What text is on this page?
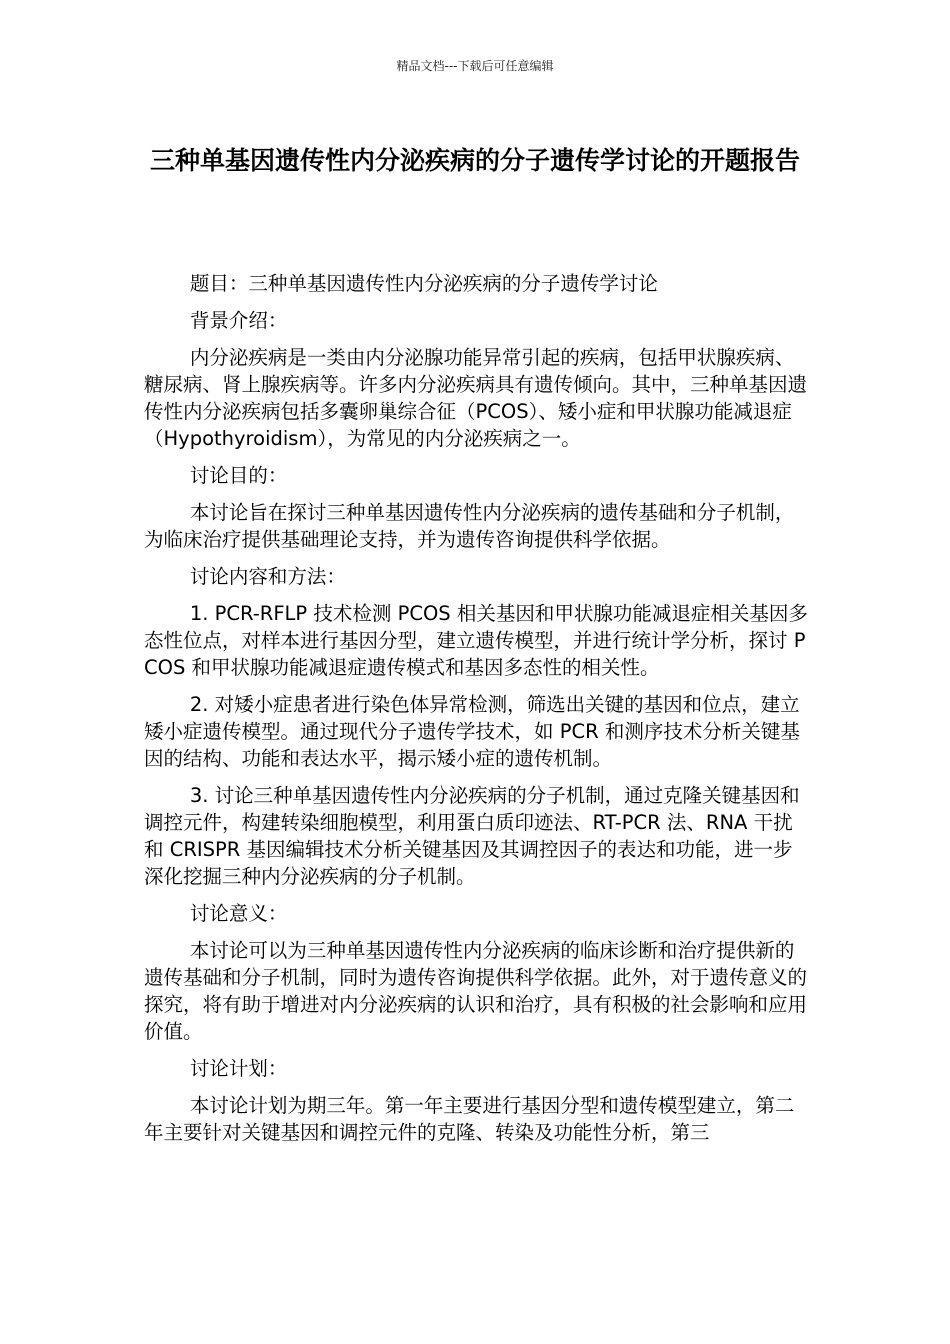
精品文档---下载后可任意编辑
三种单基因遗传性内分泌疾病的分子遗传学讨论的开题报告

题目：三种单基因遗传性内分泌疾病的分子遗传学讨论

背景介绍：

内分泌疾病是一类由内分泌腺功能异常引起的疾病，包括甲状腺疾病、糖尿病、肾上腺疾病等。许多内分泌疾病具有遗传倾向。其中，三种单基因遗传性内分泌疾病包括多囊卵巢综合征（PCOS）、矮小症和甲状腺功能减退症（Hypothyroidism），为常见的内分泌疾病之一。

讨论目的：

本讨论旨在探讨三种单基因遗传性内分泌疾病的遗传基础和分子机制，为临床治疗提供基础理论支持，并为遗传咨询提供科学依据。

讨论内容和方法：

1. PCR-RFLP 技术检测 PCOS 相关基因和甲状腺功能减退症相关基因多态性位点，对样本进行基因分型，建立遗传模型，并进行统计学分析，探讨 PCOS 和甲状腺功能减退症遗传模式和基因多态性的相关性。

2. 对矮小症患者进行染色体异常检测，筛选出关键的基因和位点，建立矮小症遗传模型。通过现代分子遗传学技术，如 PCR 和测序技术分析关键基因的结构、功能和表达水平，揭示矮小症的遗传机制。

3. 讨论三种单基因遗传性内分泌疾病的分子机制，通过克隆关键基因和调控元件，构建转染细胞模型，利用蛋白质印迹法、RT-PCR 法、RNA 干扰和 CRISPR 基因编辑技术分析关键基因及其调控因子的表达和功能，进一步深化挖掘三种内分泌疾病的分子机制。

讨论意义：

本讨论可以为三种单基因遗传性内分泌疾病的临床诊断和治疗提供新的遗传基础和分子机制，同时为遗传咨询提供科学依据。此外，对于遗传意义的探究，将有助于增进对内分泌疾病的认识和治疗，具有积极的社会影响和应用价值。

讨论计划：

本讨论计划为期三年。第一年主要进行基因分型和遗传模型建立，第二年主要针对关键基因和调控元件的克隆、转染及功能性分析，第三
